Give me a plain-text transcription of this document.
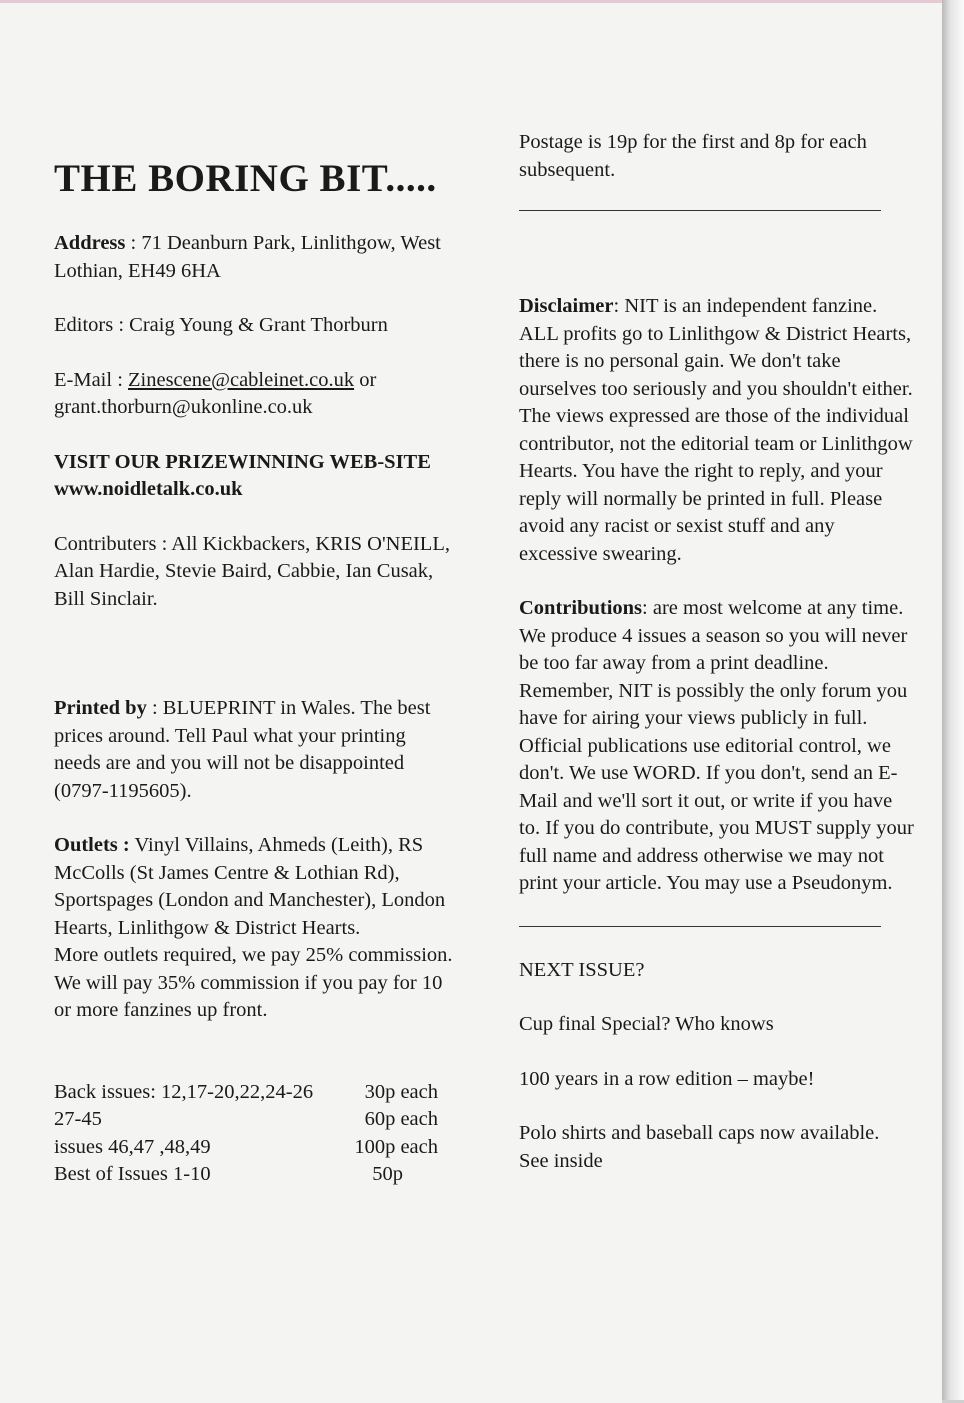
THE BORING BIT.....

Address : 71 Deanburn Park, Linlithgow, West Lothian, EH49 6HA

Editors : Craig Young & Grant Thorburn

E-Mail : Zinescene@cableinet.co.uk or grant.thorburn@ukonline.co.uk

VISIT OUR PRIZEWINNING WEB-SITE
www.noidletalk.co.uk

Contributers : All Kickbackers, KRIS O'NEILL, Alan Hardie, Stevie Baird, Cabbie, Ian Cusak, Bill Sinclair.

Printed by : BLUEPRINT in Wales. The best prices around. Tell Paul what your printing needs are and you will not be disappointed (0797-1195605).

Outlets : Vinyl Villains, Ahmeds (Leith), RS McColls (St James Centre & Lothian Rd), Sportspages (London and Manchester), London Hearts, Linlithgow & District Hearts.

More outlets required, we pay 25% commission. We will pay 35% commission if you pay for 10 or more fanzines up front.

Back issues: 12,17-20,22,24-26	30p each
27-45	60p each
issues 46,47 ,48,49	100p each
Best of Issues 1-10	50p

Postage is 19p for the first and 8p for each subsequent.

Disclaimer: NIT is an independent fanzine. ALL profits go to Linlithgow & District Hearts, there is no personal gain. We don't take ourselves too seriously and you shouldn't either. The views expressed are those of the individual contributor, not the editorial team or Linlithgow Hearts. You have the right to reply, and your reply will normally be printed in full. Please avoid any racist or sexist stuff and any excessive swearing.

Contributions: are most welcome at any time. We produce 4 issues a season so you will never be too far away from a print deadline. Remember, NIT is possibly the only forum you have for airing your views publicly in full. Official publications use editorial control, we don't. We use WORD. If you don't, send an E-Mail and we'll sort it out, or write if you have to. If you do contribute, you MUST supply your full name and address otherwise we may not print your article. You may use a Pseudonym.

NEXT ISSUE?

Cup final Special? Who knows

100 years in a row edition – maybe!

Polo shirts and baseball caps now available. See inside
